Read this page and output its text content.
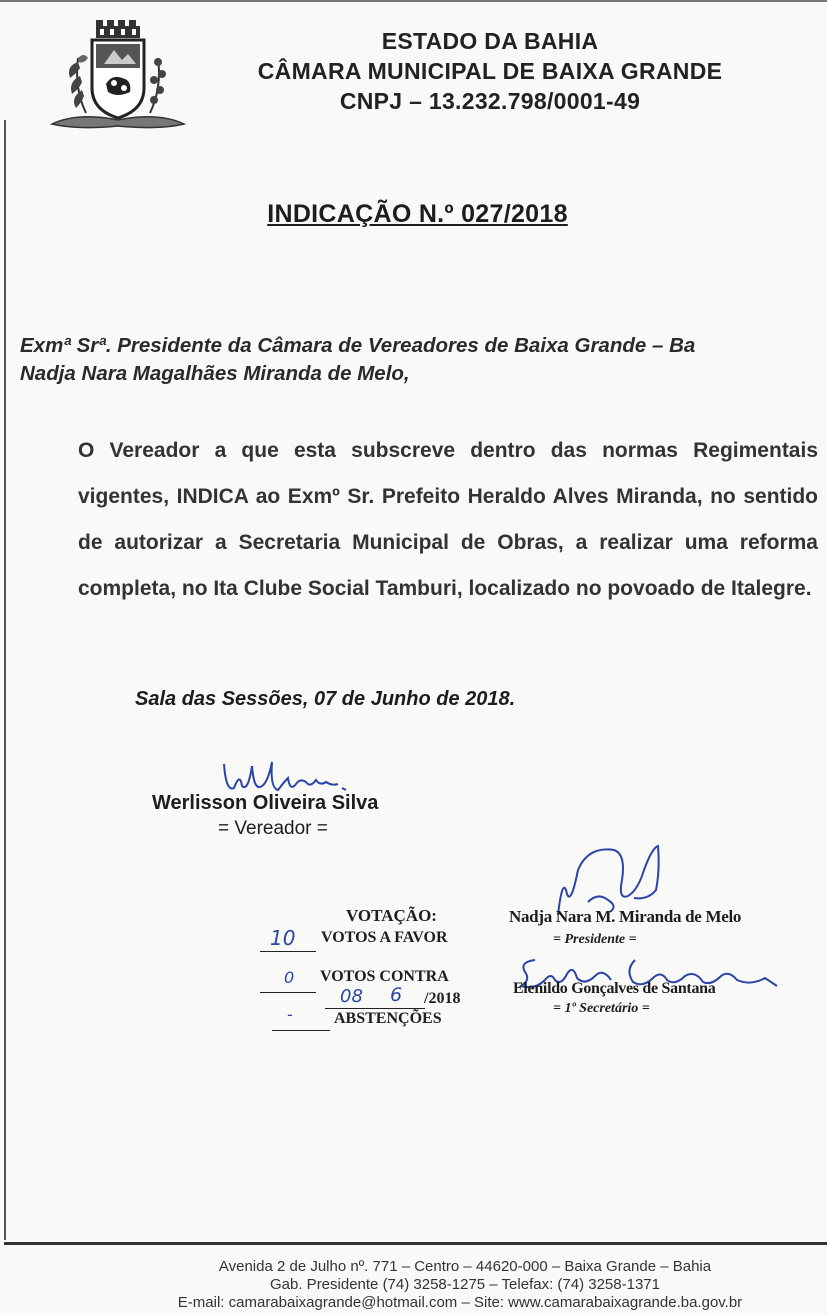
ESTADO DA BAHIA
CÂMARA MUNICIPAL DE BAIXA GRANDE
CNPJ – 13.232.798/0001-49
INDICAÇÃO N.º 027/2018
Exmª Srª. Presidente da Câmara de Vereadores de Baixa Grande – Ba
Nadja Nara Magalhães Miranda de Melo,
O Vereador a que esta subscreve dentro das normas Regimentais vigentes, INDICA ao Exmº Sr. Prefeito Heraldo Alves Miranda, no sentido de autorizar a Secretaria Municipal de Obras, a realizar uma reforma completa, no Ita Clube Social Tamburi, localizado no povoado de Italegre.
Sala das Sessões, 07 de Junho de 2018.
Werlisson Oliveira Silva
= Vereador =
VOTAÇÃO:
10 VOTOS A FAVOR
0 VOTOS CONTRA
08 6 /2018
-	ABSTENÇÕES
Nadja Nara M. Miranda de Melo
= Presidente =
Elenildo Gonçalves de Santana
= 1º Secretário =
Avenida 2 de Julho nº. 771 – Centro – 44620-000 – Baixa Grande – Bahia
Gab. Presidente (74) 3258-1275 – Telefax: (74) 3258-1371
E-mail: camarabaixagrande@hotmail.com – Site: www.camarabaixagrande.ba.gov.br
